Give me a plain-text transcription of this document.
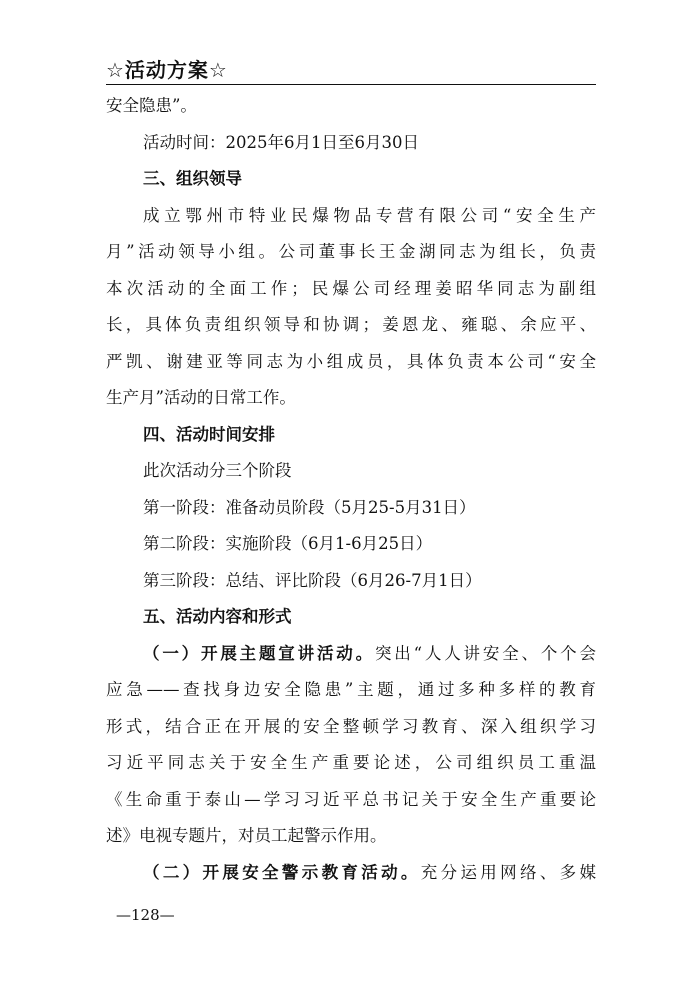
☆活动方案☆
安全隐患”。
活动时间：2025年6月1日至6月30日
三、组织领导
成立鄂州市特业民爆物品专营有限公司“安全生产
月”活动领导小组。公司董事长王金湖同志为组长，负责
本次活动的全面工作；民爆公司经理姜昭华同志为副组
长，具体负责组织领导和协调；姜恩龙、雍聪、余应平、
严凯、谢建亚等同志为小组成员，具体负责本公司“安全
生产月”活动的日常工作。
四、活动时间安排
此次活动分三个阶段
第一阶段：准备动员阶段（5月25-5月31日）
第二阶段：实施阶段（6月1-6月25日）
第三阶段：总结、评比阶段（6月26-7月1日）
五、活动内容和形式
（一）开展主题宣讲活动。突出“人人讲安全、个个会
应急——查找身边安全隐患”主题，通过多种多样的教育
形式，结合正在开展的安全整顿学习教育、深入组织学习
习近平同志关于安全生产重要论述，公司组织员工重温
《生命重于泰山—学习习近平总书记关于安全生产重要论
述》电视专题片，对员工起警示作用。
（二）开展安全警示教育活动。充分运用网络、多媒
—128—
